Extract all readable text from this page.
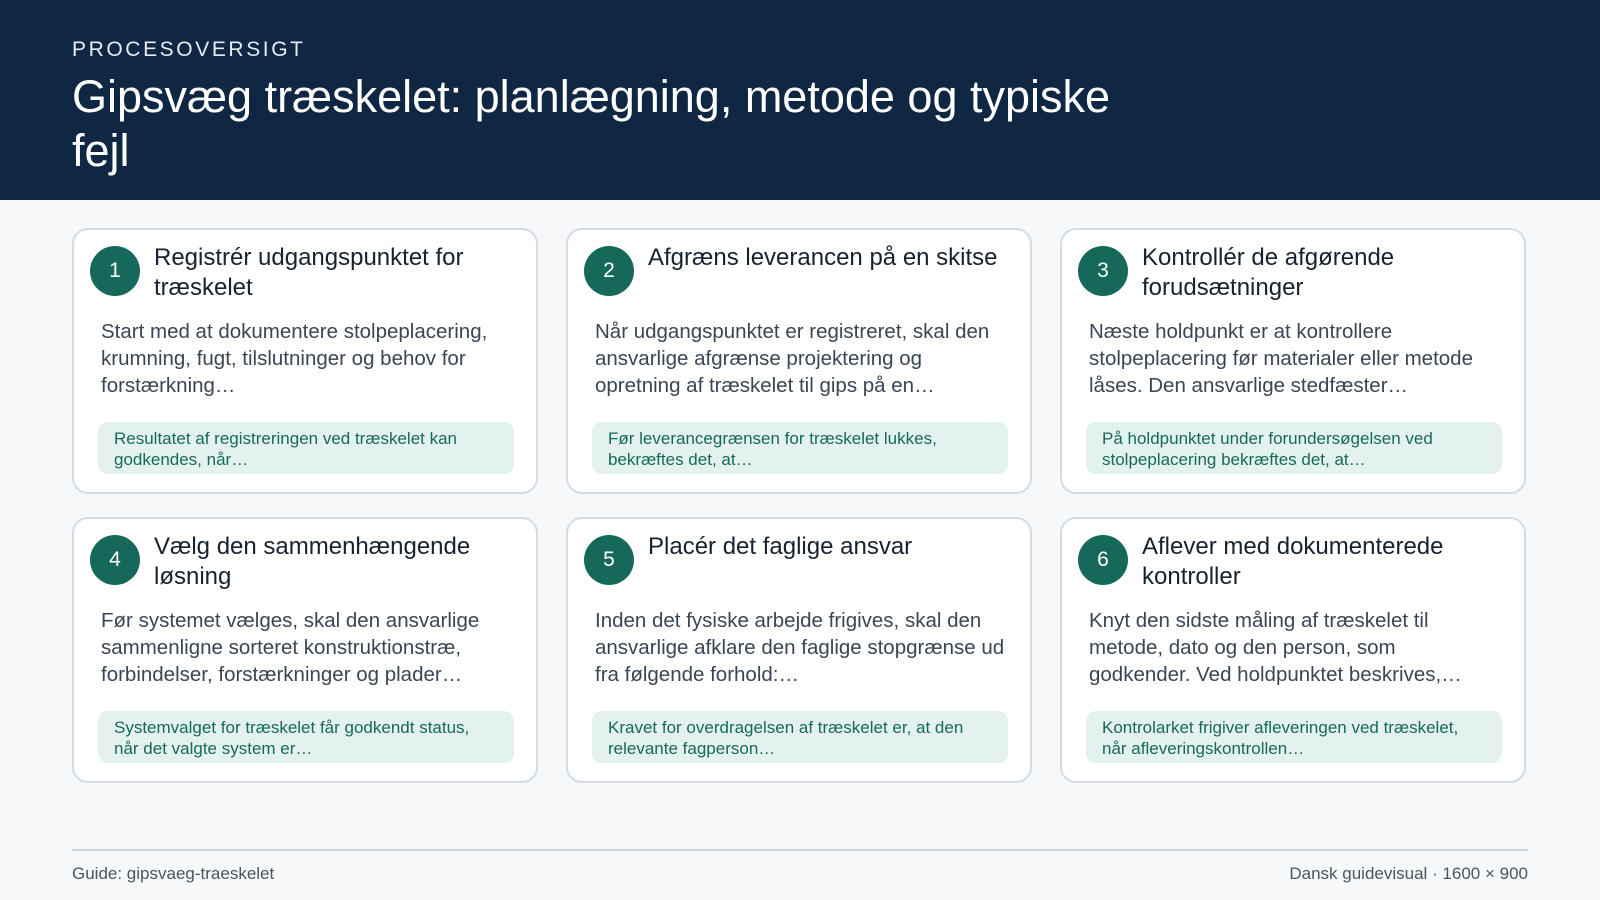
PROCESOVERSIGT
Gipsvæg træskelet: planlægning, metode og typiske fejl
1	Registrér udgangspunktet for træskelet
Start med at dokumentere stolpeplacering, krumning, fugt, tilslutninger og behov for forstærkning…
Resultatet af registreringen ved træskelet kan godkendes, når…
2	Afgræns leverancen på en skitse
Når udgangspunktet er registreret, skal den ansvarlige afgrænse projektering og opretning af træskelet til gips på en…
Før leverancegrænsen for træskelet lukkes, bekræftes det, at…
3	Kontrollér de afgørende forudsætninger
Næste holdpunkt er at kontrollere stolpeplacering før materialer eller metode låses. Den ansvarlige stedfæster…
På holdpunktet under forundersøgelsen ved stolpeplacering bekræftes det, at…
4	Vælg den sammenhængende løsning
Før systemet vælges, skal den ansvarlige sammenligne sorteret konstruktionstræ, forbindelser, forstærkninger og plader…
Systemvalget for træskelet får godkendt status, når det valgte system er…
5	Placér det faglige ansvar
Inden det fysiske arbejde frigives, skal den ansvarlige afklare den faglige stopgrænse ud fra følgende forhold:…
Kravet for overdragelsen af træskelet er, at den relevante fagperson…
6	Aflever med dokumenterede kontroller
Knyt den sidste måling af træskelet til metode, dato og den person, som godkender. Ved holdpunktet beskrives,…
Kontrolarket frigiver afleveringen ved træskelet, når afleveringskontrollen…
Guide: gipsvaeg-traeskelet	Dansk guidevisual · 1600 × 900
